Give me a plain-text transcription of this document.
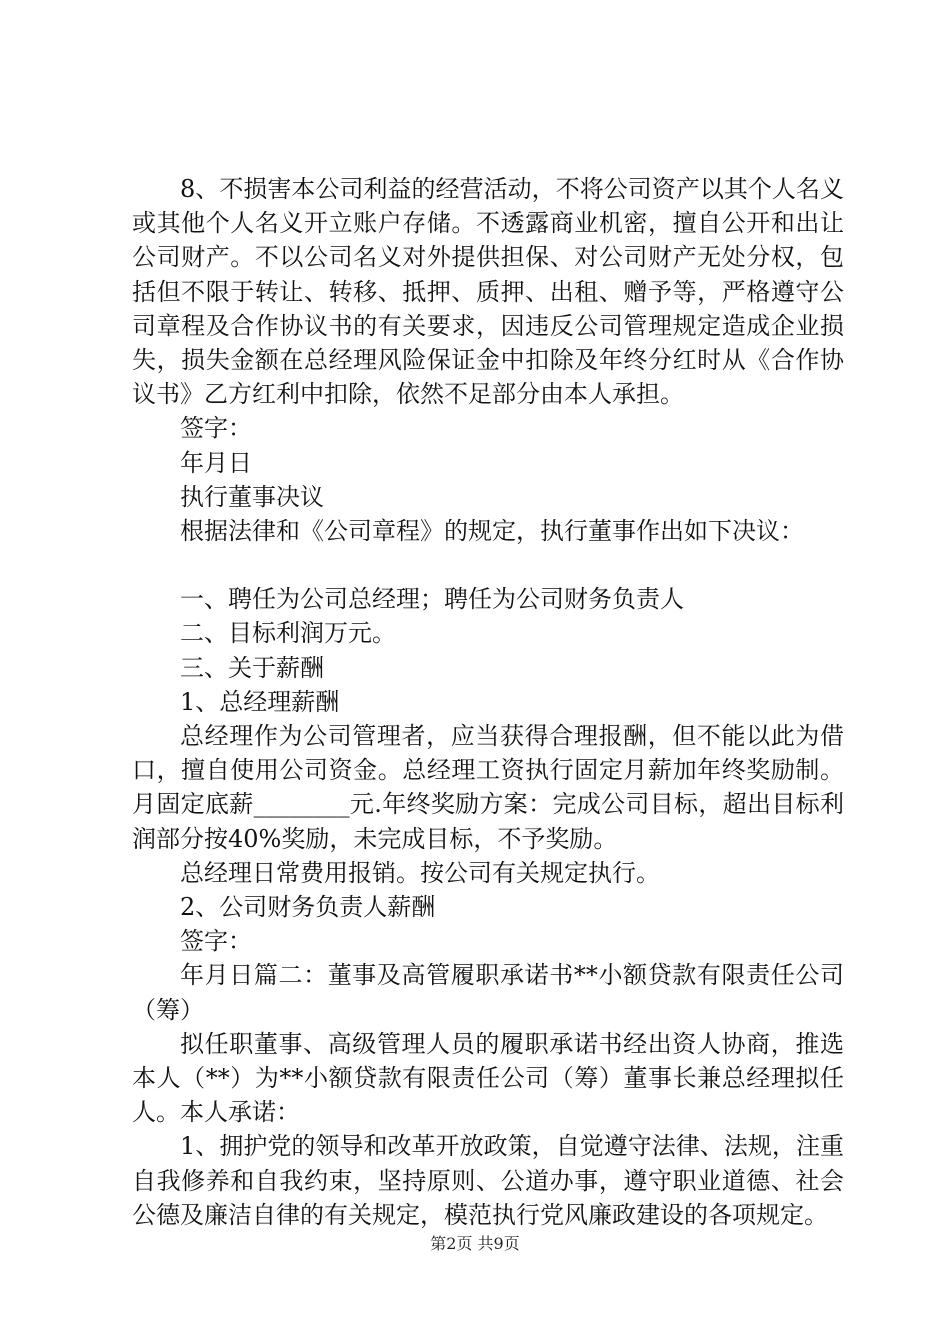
8、不损害本公司利益的经营活动，不将公司资产以其个人名义或其他个人名义开立账户存储。不透露商业机密，擅自公开和出让公司财产。不以公司名义对外提供担保、对公司财产无处分权，包括但不限于转让、转移、抵押、质押、出租、赠予等，严格遵守公司章程及合作协议书的有关要求，因违反公司管理规定造成企业损失，损失金额在总经理风险保证金中扣除及年终分红时从《合作协议书》乙方红利中扣除，依然不足部分由本人承担。

签字：

年月日

执行董事决议

根据法律和《公司章程》的规定，执行董事作出如下决议：

一、聘任为公司总经理；聘任为公司财务负责人

二、目标利润万元。

三、关于薪酬

1、总经理薪酬

总经理作为公司管理者，应当获得合理报酬，但不能以此为借口，擅自使用公司资金。总经理工资执行固定月薪加年终奖励制。月固定底薪________元.年终奖励方案：完成公司目标，超出目标利润部分按40%奖励，未完成目标，不予奖励。

总经理日常费用报销。按公司有关规定执行。

2、公司财务负责人薪酬

签字：

年月日篇二：董事及高管履职承诺书**小额贷款有限责任公司（筹）

拟任职董事、高级管理人员的履职承诺书经出资人协商，推选本人（**）为**小额贷款有限责任公司（筹）董事长兼总经理拟任人。本人承诺：

1、拥护党的领导和改革开放政策，自觉遵守法律、法规，注重自我修养和自我约束，坚持原则、公道办事，遵守职业道德、社会公德及廉洁自律的有关规定，模范执行党风廉政建设的各项规定。

第2页 共9页
